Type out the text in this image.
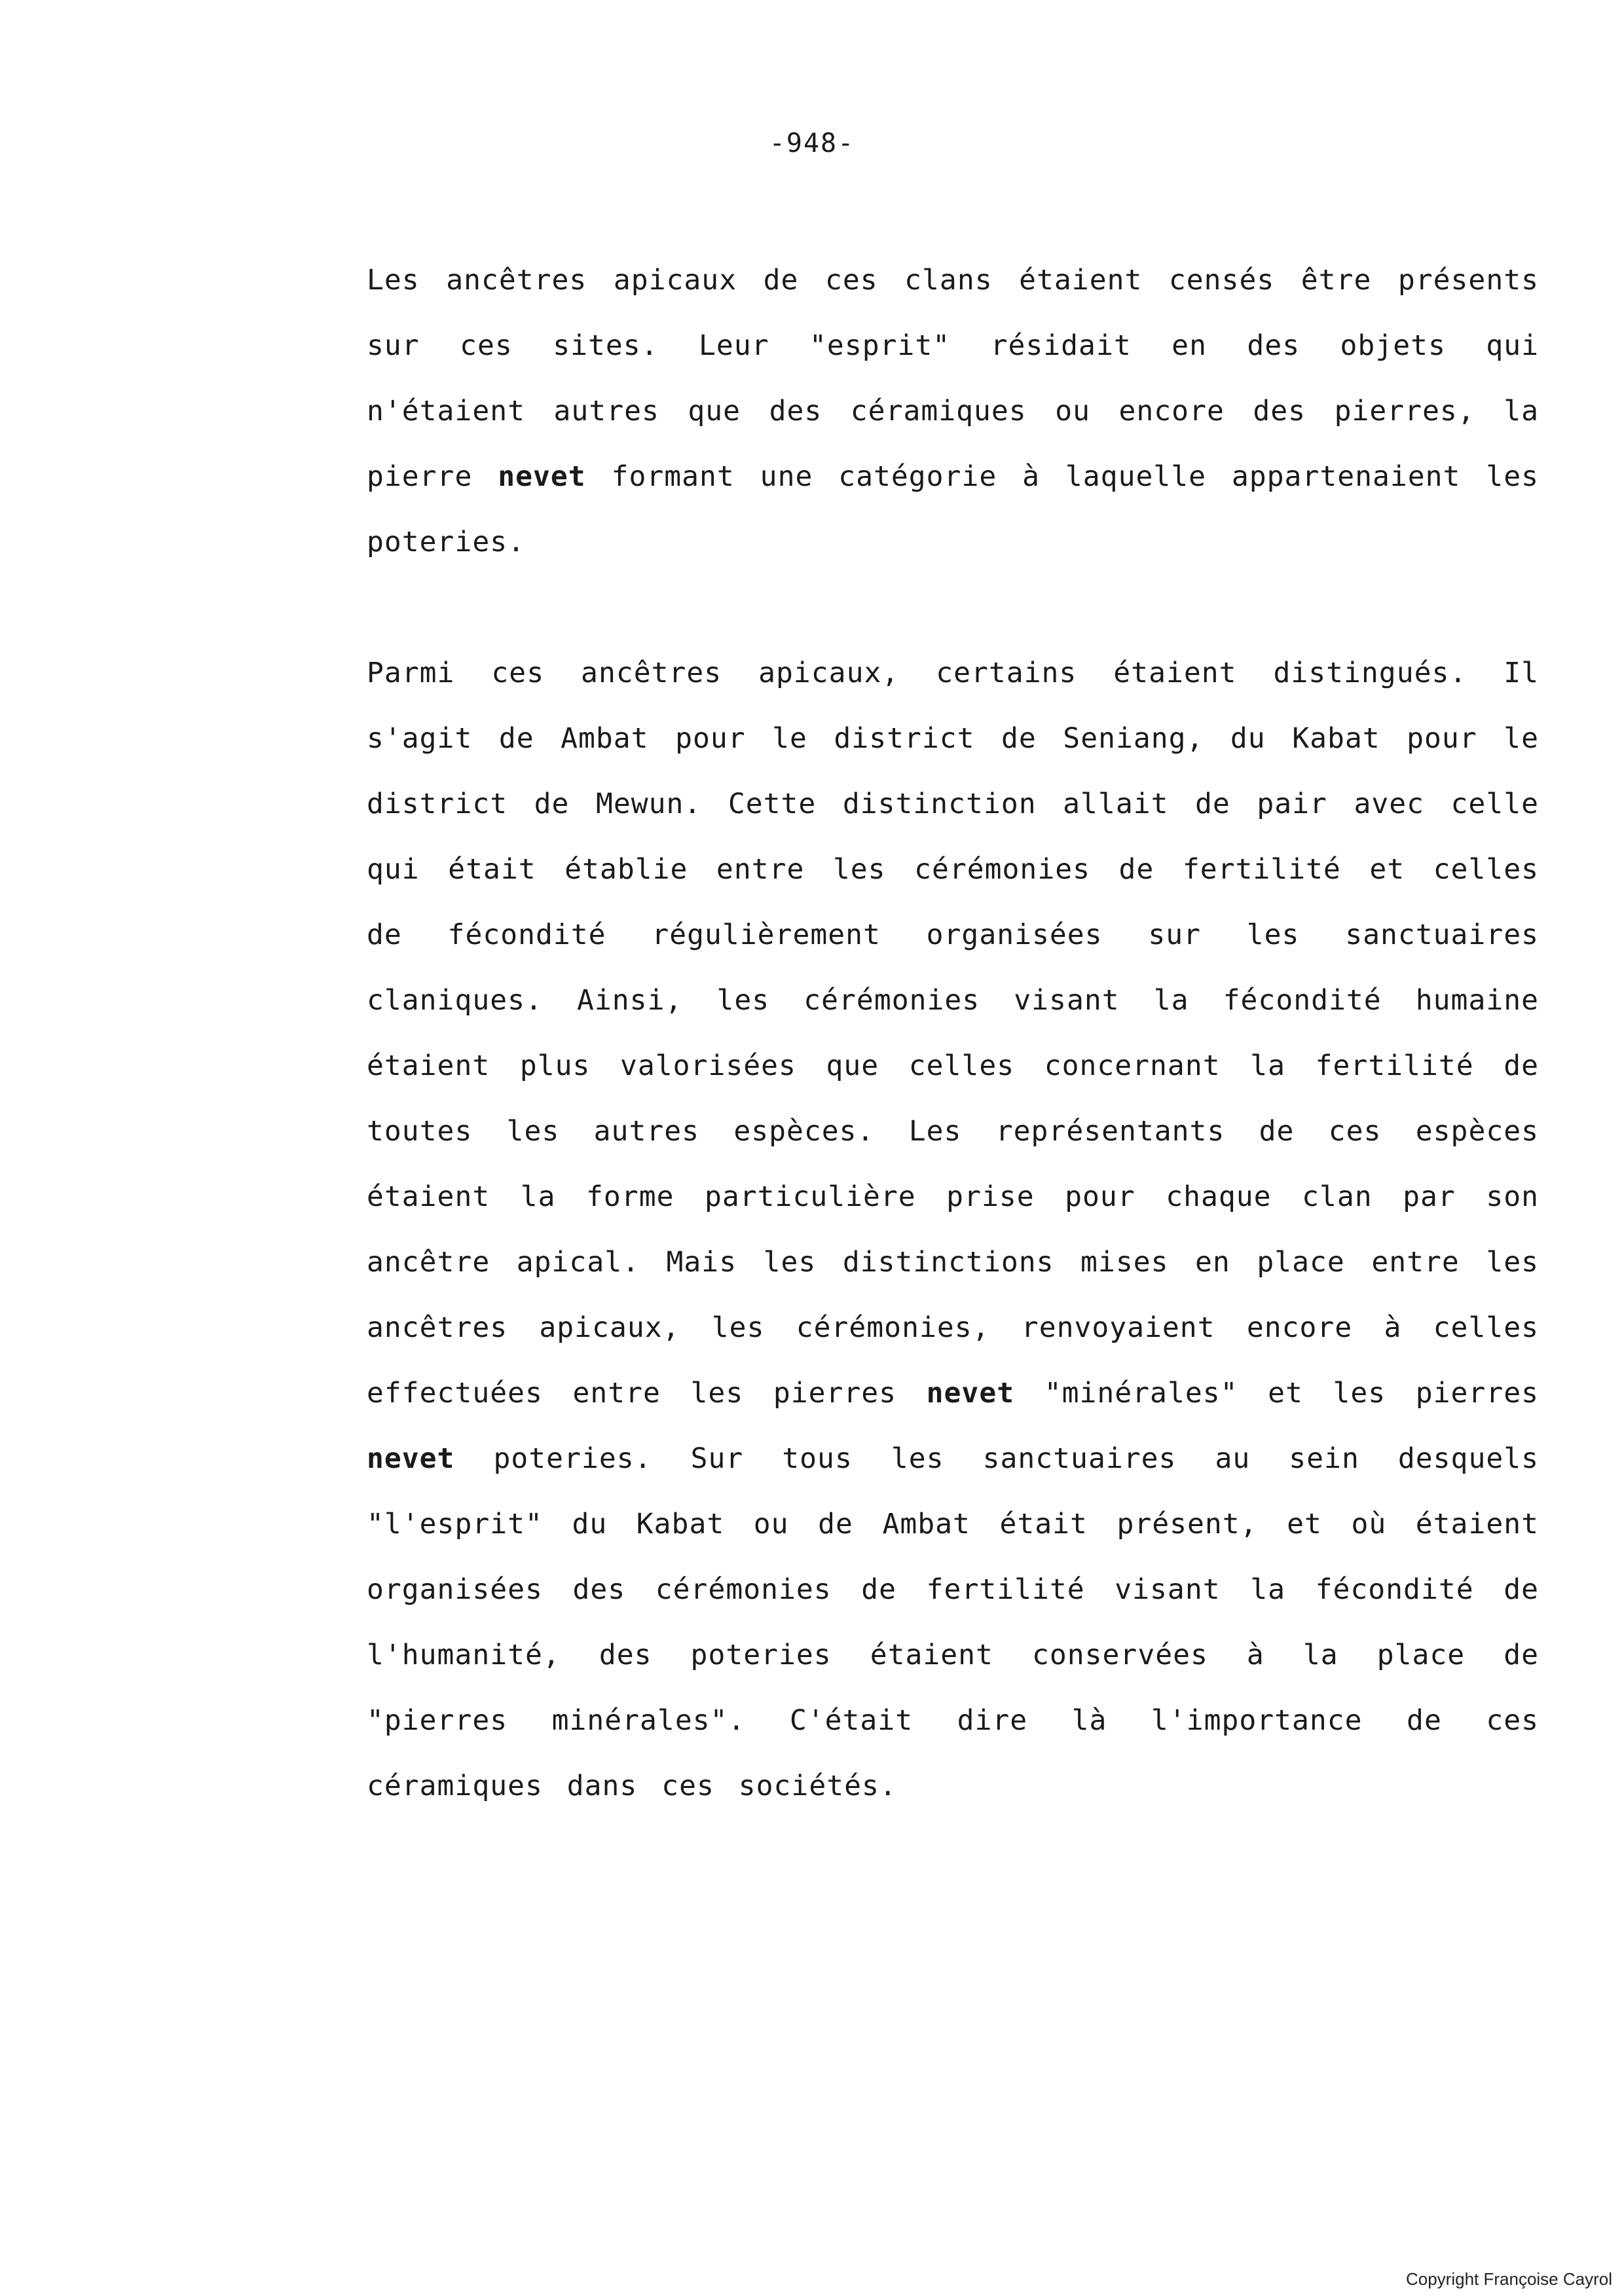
-948-

Les ancêtres apicaux de ces clans étaient censés être présents sur ces sites. Leur "esprit" résidait en des objets qui n'étaient autres que des céramiques ou encore des pierres, la pierre nevet formant une catégorie à laquelle appartenaient les poteries.

Parmi ces ancêtres apicaux, certains étaient distingués. Il s'agit de Ambat pour le district de Seniang, du Kabat pour le district de Mewun. Cette distinction allait de pair avec celle qui était établie entre les cérémonies de fertilité et celles de fécondité régulièrement organisées sur les sanctuaires claniques. Ainsi, les cérémonies visant la fécondité humaine étaient plus valorisées que celles concernant la fertilité de toutes les autres espèces. Les représentants de ces espèces étaient la forme particulière prise pour chaque clan par son ancêtre apical. Mais les distinctions mises en place entre les ancêtres apicaux, les cérémonies, renvoyaient encore à celles effectuées entre les pierres nevet "minérales" et les pierres nevet poteries. Sur tous les sanctuaires au sein desquels "l'esprit" du Kabat ou de Ambat était présent, et où étaient organisées des cérémonies de fertilité visant la fécondité de l'humanité, des poteries étaient conservées à la place de "pierres minérales". C'était dire là l'importance de ces céramiques dans ces sociétés.

Copyright Françoise Cayrol
